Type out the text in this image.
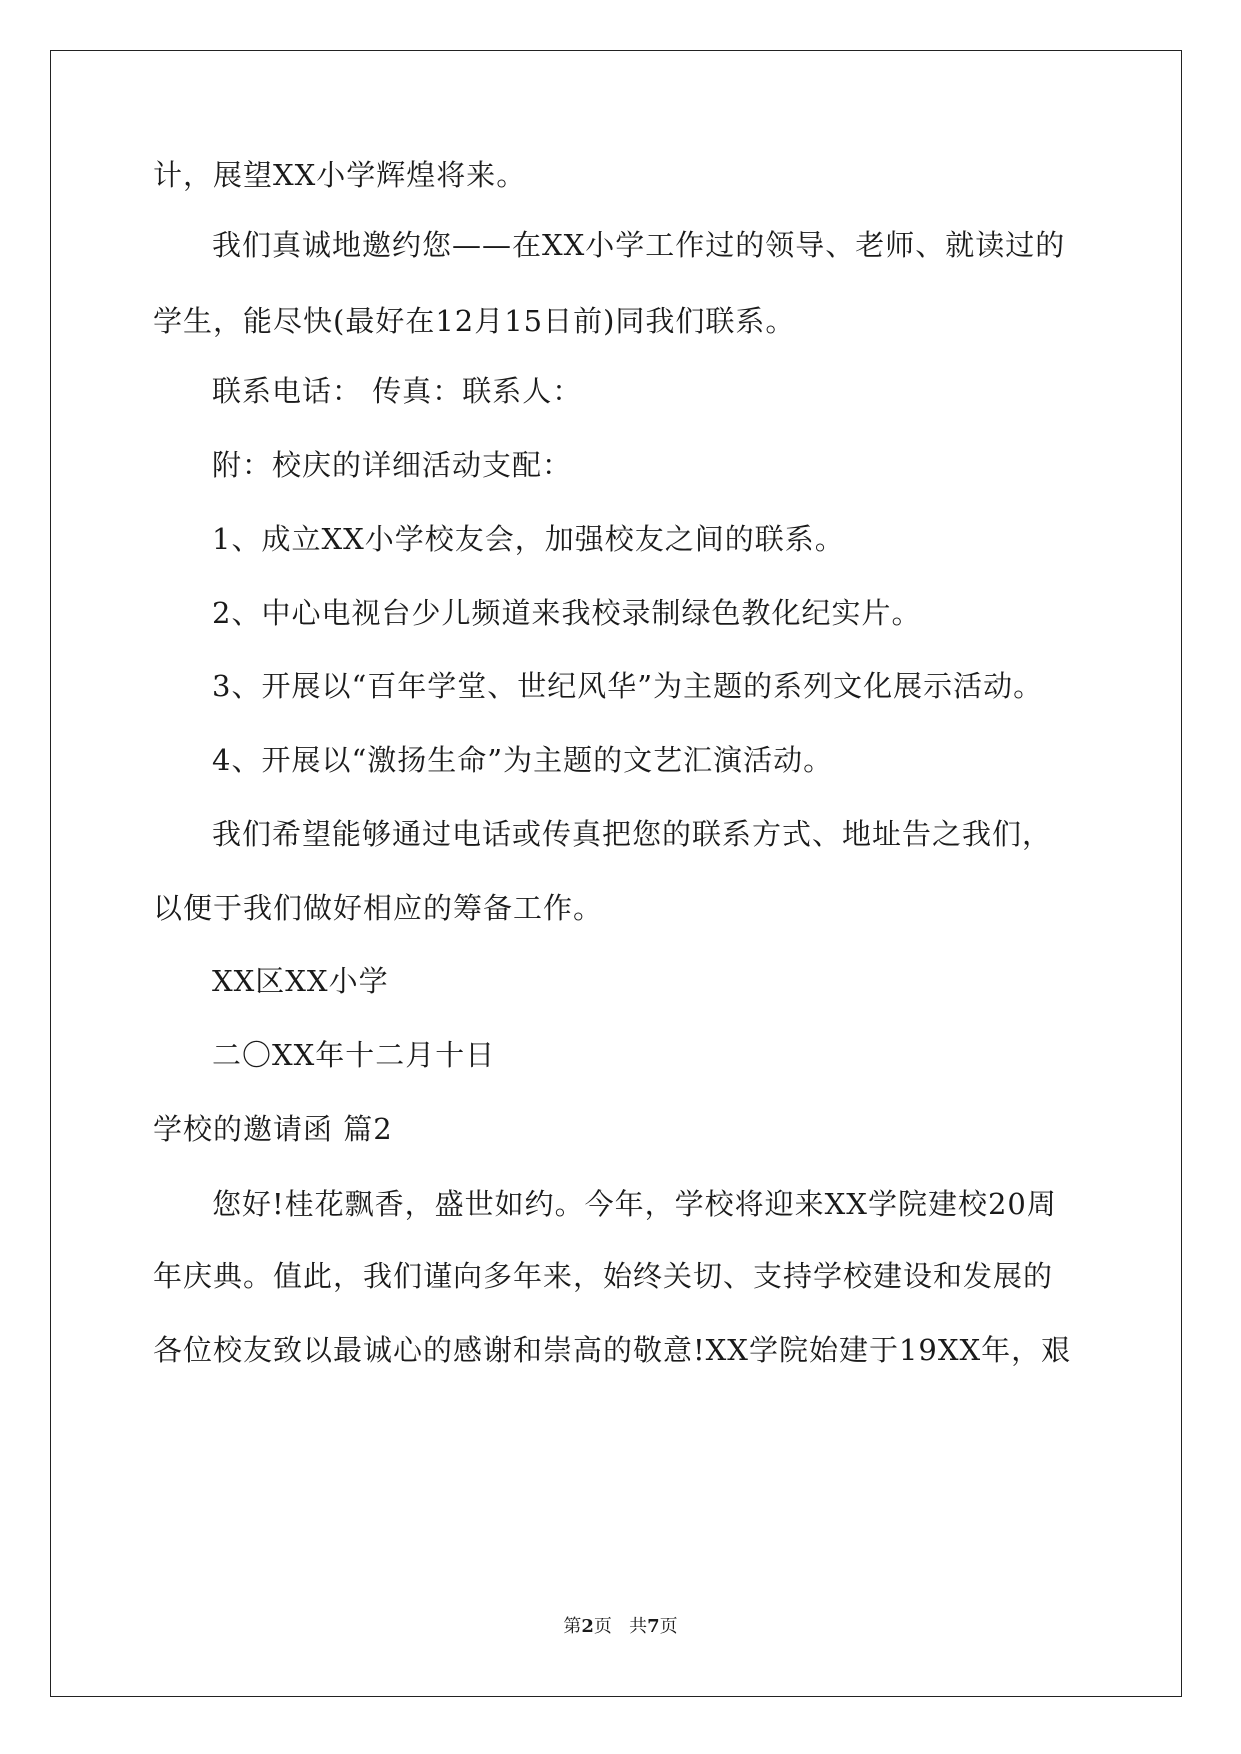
计，展望XX小学辉煌将来。
我们真诚地邀约您——在XX小学工作过的领导、老师、就读过的
学生，能尽快(最好在12月15日前)同我们联系。
联系电话： 传真：联系人：
附：校庆的详细活动支配：
1、成立XX小学校友会，加强校友之间的联系。
2、中心电视台少儿频道来我校录制绿色教化纪实片。
3、开展以“百年学堂、世纪风华”为主题的系列文化展示活动。
4、开展以“激扬生命”为主题的文艺汇演活动。
我们希望能够通过电话或传真把您的联系方式、地址告之我们，
以便于我们做好相应的筹备工作。
XX区XX小学
二〇XX年十二月十日
学校的邀请函 篇2
您好!桂花飘香，盛世如约。今年，学校将迎来XX学院建校20周
年庆典。值此，我们谨向多年来，始终关切、支持学校建设和发展的
各位校友致以最诚心的感谢和崇高的敬意!XX学院始建于19XX年，艰
第2页 共7页
